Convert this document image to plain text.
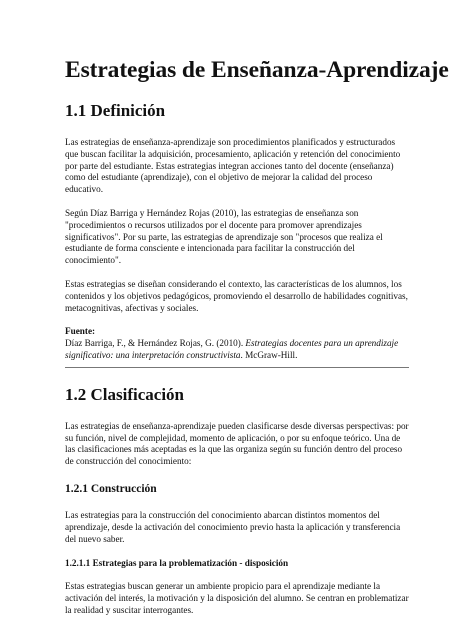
Estrategias de Enseñanza-Aprendizaje
1.1 Definición

Las estrategias de enseñanza-aprendizaje son procedimientos planificados y estructurados que buscan facilitar la adquisición, procesamiento, aplicación y retención del conocimiento por parte del estudiante. Estas estrategias integran acciones tanto del docente (enseñanza) como del estudiante (aprendizaje), con el objetivo de mejorar la calidad del proceso educativo.

Según Díaz Barriga y Hernández Rojas (2010), las estrategias de enseñanza son "procedimientos o recursos utilizados por el docente para promover aprendizajes significativos". Por su parte, las estrategias de aprendizaje son "procesos que realiza el estudiante de forma consciente e intencionada para facilitar la construcción del conocimiento".

Estas estrategias se diseñan considerando el contexto, las características de los alumnos, los contenidos y los objetivos pedagógicos, promoviendo el desarrollo de habilidades cognitivas, metacognitivas, afectivas y sociales.

Fuente:

Díaz Barriga, F., & Hernández Rojas, G. (2010). Estrategias docentes para un aprendizaje significativo: una interpretación constructivista. McGraw-Hill.

1.2 Clasificación

Las estrategias de enseñanza-aprendizaje pueden clasificarse desde diversas perspectivas: por su función, nivel de complejidad, momento de aplicación, o por su enfoque teórico. Una de las clasificaciones más aceptadas es la que las organiza según su función dentro del proceso de construcción del conocimiento:

1.2.1 Construcción

Las estrategias para la construcción del conocimiento abarcan distintos momentos del aprendizaje, desde la activación del conocimiento previo hasta la aplicación y transferencia del nuevo saber.

1.2.1.1 Estrategias para la problematización - disposición

Estas estrategias buscan generar un ambiente propicio para el aprendizaje mediante la activación del interés, la motivación y la disposición del alumno. Se centran en problematizar la realidad y suscitar interrogantes.
